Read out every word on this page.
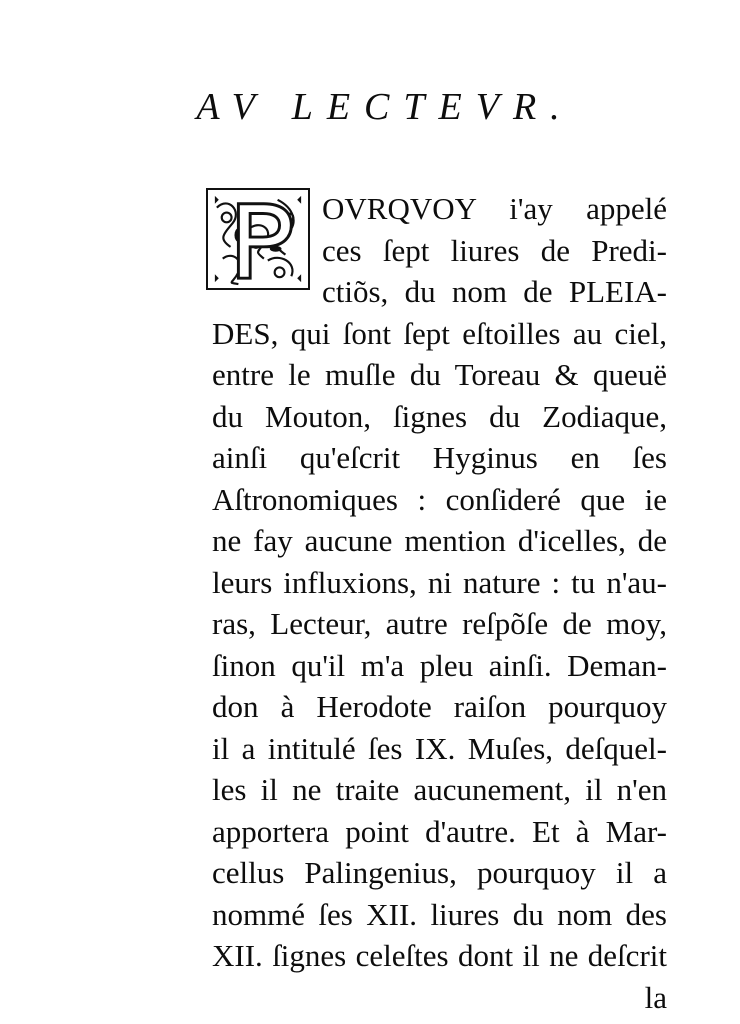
AV LECTEVR.

OVRQVOY i'ay appelé

ces ſept liures de Predi-

ctiõs, du nom de PLEIA-

DES, qui ſont ſept eſtoilles au ciel,

entre le muſle du Toreau & queuë

du Mouton, ſignes du Zodiaque,

ainſi qu'eſcrit Hyginus en ſes

Aſtronomiques : conſideré que ie

ne fay aucune mention d'icelles, de

leurs influxions, ni nature : tu n'au-

ras, Lecteur, autre reſpõſe de moy,

ſinon qu'il m'a pleu ainſi. Deman-

don à Herodote raiſon pourquoy

il a intitulé ſes IX. Muſes, deſquel-

les il ne traite aucunement, il n'en

apportera point d'autre. Et à Mar-

cellus Palingenius, pourquoy il a

nommé ſes XII. liures du nom des

XII. ſignes celeſtes dont il ne deſcrit

la
